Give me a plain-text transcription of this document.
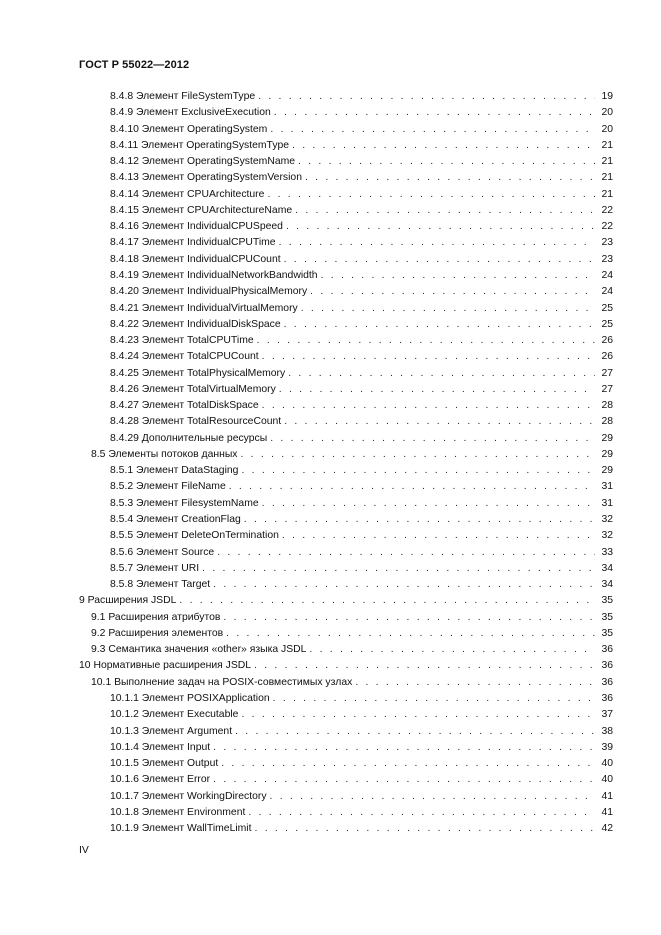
ГОСТ Р 55022—2012
8.4.8 Элемент FileSystemType . . .	19
8.4.9 Элемент ExclusiveExecution . . .	20
8.4.10 Элемент OperatingSystem . . .	20
8.4.11 Элемент OperatingSystemType . . .	21
8.4.12 Элемент OperatingSystemName . . .	21
8.4.13 Элемент OperatingSystemVersion . . .	21
8.4.14 Элемент CPUArchitecture . . .	21
8.4.15 Элемент CPUArchitectureName . . .	22
8.4.16 Элемент IndividualCPUSpeed . . .	22
8.4.17 Элемент IndividualCPUTime . . .	23
8.4.18 Элемент IndividualCPUCount . . .	23
8.4.19 Элемент IndividualNetworkBandwidth . . .	24
8.4.20 Элемент IndividualPhysicalMemory . . .	24
8.4.21 Элемент IndividualVirtualMemory . . .	25
8.4.22 Элемент IndividualDiskSpace . . .	25
8.4.23 Элемент TotalCPUTime . . .	26
8.4.24 Элемент TotalCPUCount . . .	26
8.4.25 Элемент TotalPhysicalMemory . . .	27
8.4.26 Элемент TotalVirtualMemory . . .	27
8.4.27 Элемент TotalDiskSpace . . .	28
8.4.28 Элемент TotalResourceCount . . .	28
8.4.29 Дополнительные ресурсы . . .	29
8.5 Элементы потоков данных . . .	29
8.5.1 Элемент DataStaging . . .	29
8.5.2 Элемент FileName . . .	31
8.5.3 Элемент FilesystemName . . .	31
8.5.4 Элемент CreationFlag . . .	32
8.5.5 Элемент DeleteOnTermination . . .	32
8.5.6 Элемент Source . . .	33
8.5.7 Элемент URI . . .	34
8.5.8 Элемент Target . . .	34
9 Расширения JSDL . . .	35
9.1 Расширения атрибутов . . .	35
9.2 Расширения элементов . . .	35
9.3 Семантика значения «other» языка JSDL . . .	36
10 Нормативные расширения JSDL . . .	36
10.1 Выполнение задач на POSIX-совместимых узлах . . .	36
10.1.1 Элемент POSIXApplication . . .	36
10.1.2 Элемент Executable . . .	37
10.1.3 Элемент Argument . . .	38
10.1.4 Элемент Input . . .	39
10.1.5 Элемент Output . . .	40
10.1.6 Элемент Error . . .	40
10.1.7 Элемент WorkingDirectory . . .	41
10.1.8 Элемент Environment . . .	41
10.1.9 Элемент WallTimeLimit . . .	42
IV
